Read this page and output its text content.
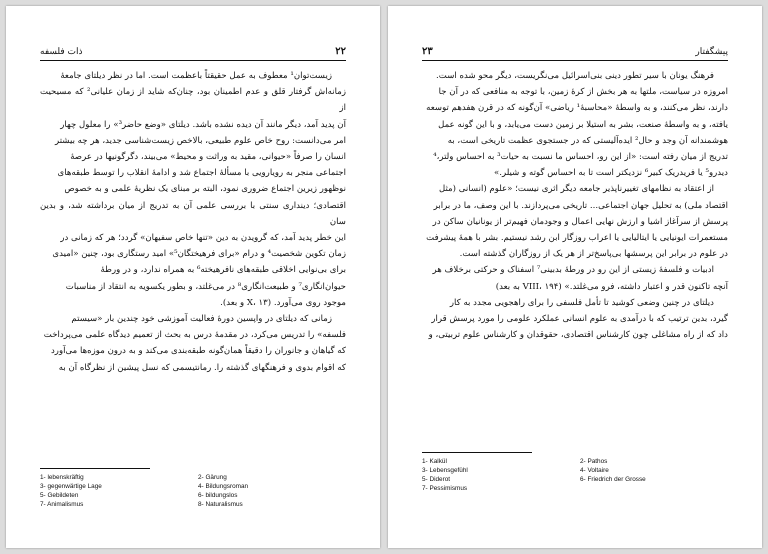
۲۲
ذات فلسفه
زیست‌توان¹ معطوف به عمل حقیقتاً باعظمت است. اما در نظر دیلتای جامعهٔ
زمانه‌اش گرفتار قلق و عدم اطمینان بود، چنان‌که شاید از زمان علیانی² که مسیحیت از
آن پدید آمد، دیگر مانند آن دیده نشده باشد. دیلتای «وضع حاضر³» را معلول چهار
امر می‌دانست: روح خاص علوم طبیعی، بالاخص زیست‌شناسی جدید، هر چه بیشتر
انسان را صرفاً «حیوانی، مقید به وراثت و محیط» می‌بیند، دگرگونیها در عرصهٔ
اجتماعی منجر به رویارویی با مسألهٔ اجتماع شد و ادامهٔ انقلاب را توسط طبقه‌های
نوظهور زیرین اجتماع ضروری نمود، البته بر مبنای یک نظریهٔ علمی و به خصوص
اقتصادی؛ دینداری سنتی با بررسی علمی آن به تدریج از میان برداشته شد، و بدین سان
این خطر پدید آمد، که گرویدن به دین «تنها خاص سفیهان» گردد؛ هر که زمانی در
زمان تکوین شخصیت⁴ و درام «برای فرهیختگان⁵» امید رستگاری بود، چنین «امیدی
برای بی‌نوایی اخلاقی طبقه‌های نافرهیخته⁶ به همراه ندارد، و در ورطهٔ
حیوان‌انگاری⁷ و طبیعت‌انگاری⁸ در می‌غلتد، و بطور یکسویه به انتقاد از مناسبات
موجود روی می‌آورد. (X، ۱۳ و بعد).
زمانی که دیلتای در واپسین دورهٔ فعالیت آموزشی خود چندین بار «سیستم
فلسفه» را تدریس می‌کرد، در مقدمهٔ درس به بحث از تعمیم دیدگاه علمی می‌پرداخت
که گیاهان و جانوران را دقیقاً همان‌گونه طبقه‌بندی می‌کند و به درون موزه‌ها می‌آورد
که اقوام بدوی و فرهنگهای گذشته را. رمانتیسمی که نسل پیشین از نظرگاه آن به
1- lebenskräftig	2- Gärung
3- gegenwärtige Lage	4- Bildungsroman
5- Gebildeten	6- bildungslos
7- Animalismus	8- Naturalismus
۲۳	پیشگفتار
فرهنگ یونان با سیر تطور دینی بنی‌اسرائیل می‌نگریست، دیگر محو شده است.
امروزه در سیاست، ملتها به هر بخش از کرهٔ زمین، با توجه به منافعی که در آن جا
دارند، نظر می‌کنند، و به واسطهٔ «محاسبهٔ¹ ریاضی» آن‌گونه که در قرن هفدهم توسعه
یافته، و به واسطهٔ صنعت، بشر به استیلا بر زمین دست می‌یابد، و با این گونه عمل
هوشمندانه آن وجد و حال² ایده‌آلیستی که در جستجوی عظمت تاریخی است، به
تدریج از میان رفته است: «از این رو، احساس ما نسبت به حیات³ به احساس ولتر،⁴
دیدرو⁵ یا فریدریک کبیر⁶ نزدیکتر است تا به احساس گوته و شیلر.»
از اعتقاد به نظامهای تغییرناپذیر جامعه دیگر اثری نیست؛ «علوم (انسانی (مثل
اقتصاد ملی) به تحلیل جهان اجتماعی... تاریخی می‌پردازند. با این وصف، ما در برابر
پرسش از سرآغاز اشیا و ارزش نهایی اعمال و وجودمان فهیم‌تر از یونانیان ساکن در
مستعمرات ایونیایی یا ایتالیایی یا اعراب روزگار ابن رشد نیستیم. بشر با همهٔ پیشرفت
در علوم در برابر این پرسشها بی‌پاسخ‌تر از هر یک از روزگاران گذشته است.
ادبیات و فلسفهٔ زیستی از این رو در ورطهٔ بدبینی⁷ اسفناک و حرکتی برخلاف هر
آنچه تاکنون قدر و اعتبار داشته، فرو می‌غلتد.» (VIII، ۱۹۴ به بعد)
دیلتای در چنین وضعی کوشید تا تأمل فلسفی را برای راهجویی مجدد به کار
گیرد، بدین ترتیب که با درآمدی به علوم انسانی عملکرد علومی را مورد پرسش قرار
داد که از راه مشاغلی چون کارشناس اقتصادی، حقوقدان و کارشناس علوم تربیتی، و
1- Kalkül	2- Pathos
3- Lebensgefühl	4- Voltaire
5- Diderot	6- Friedrich der Grosse
7- Pessimismus
